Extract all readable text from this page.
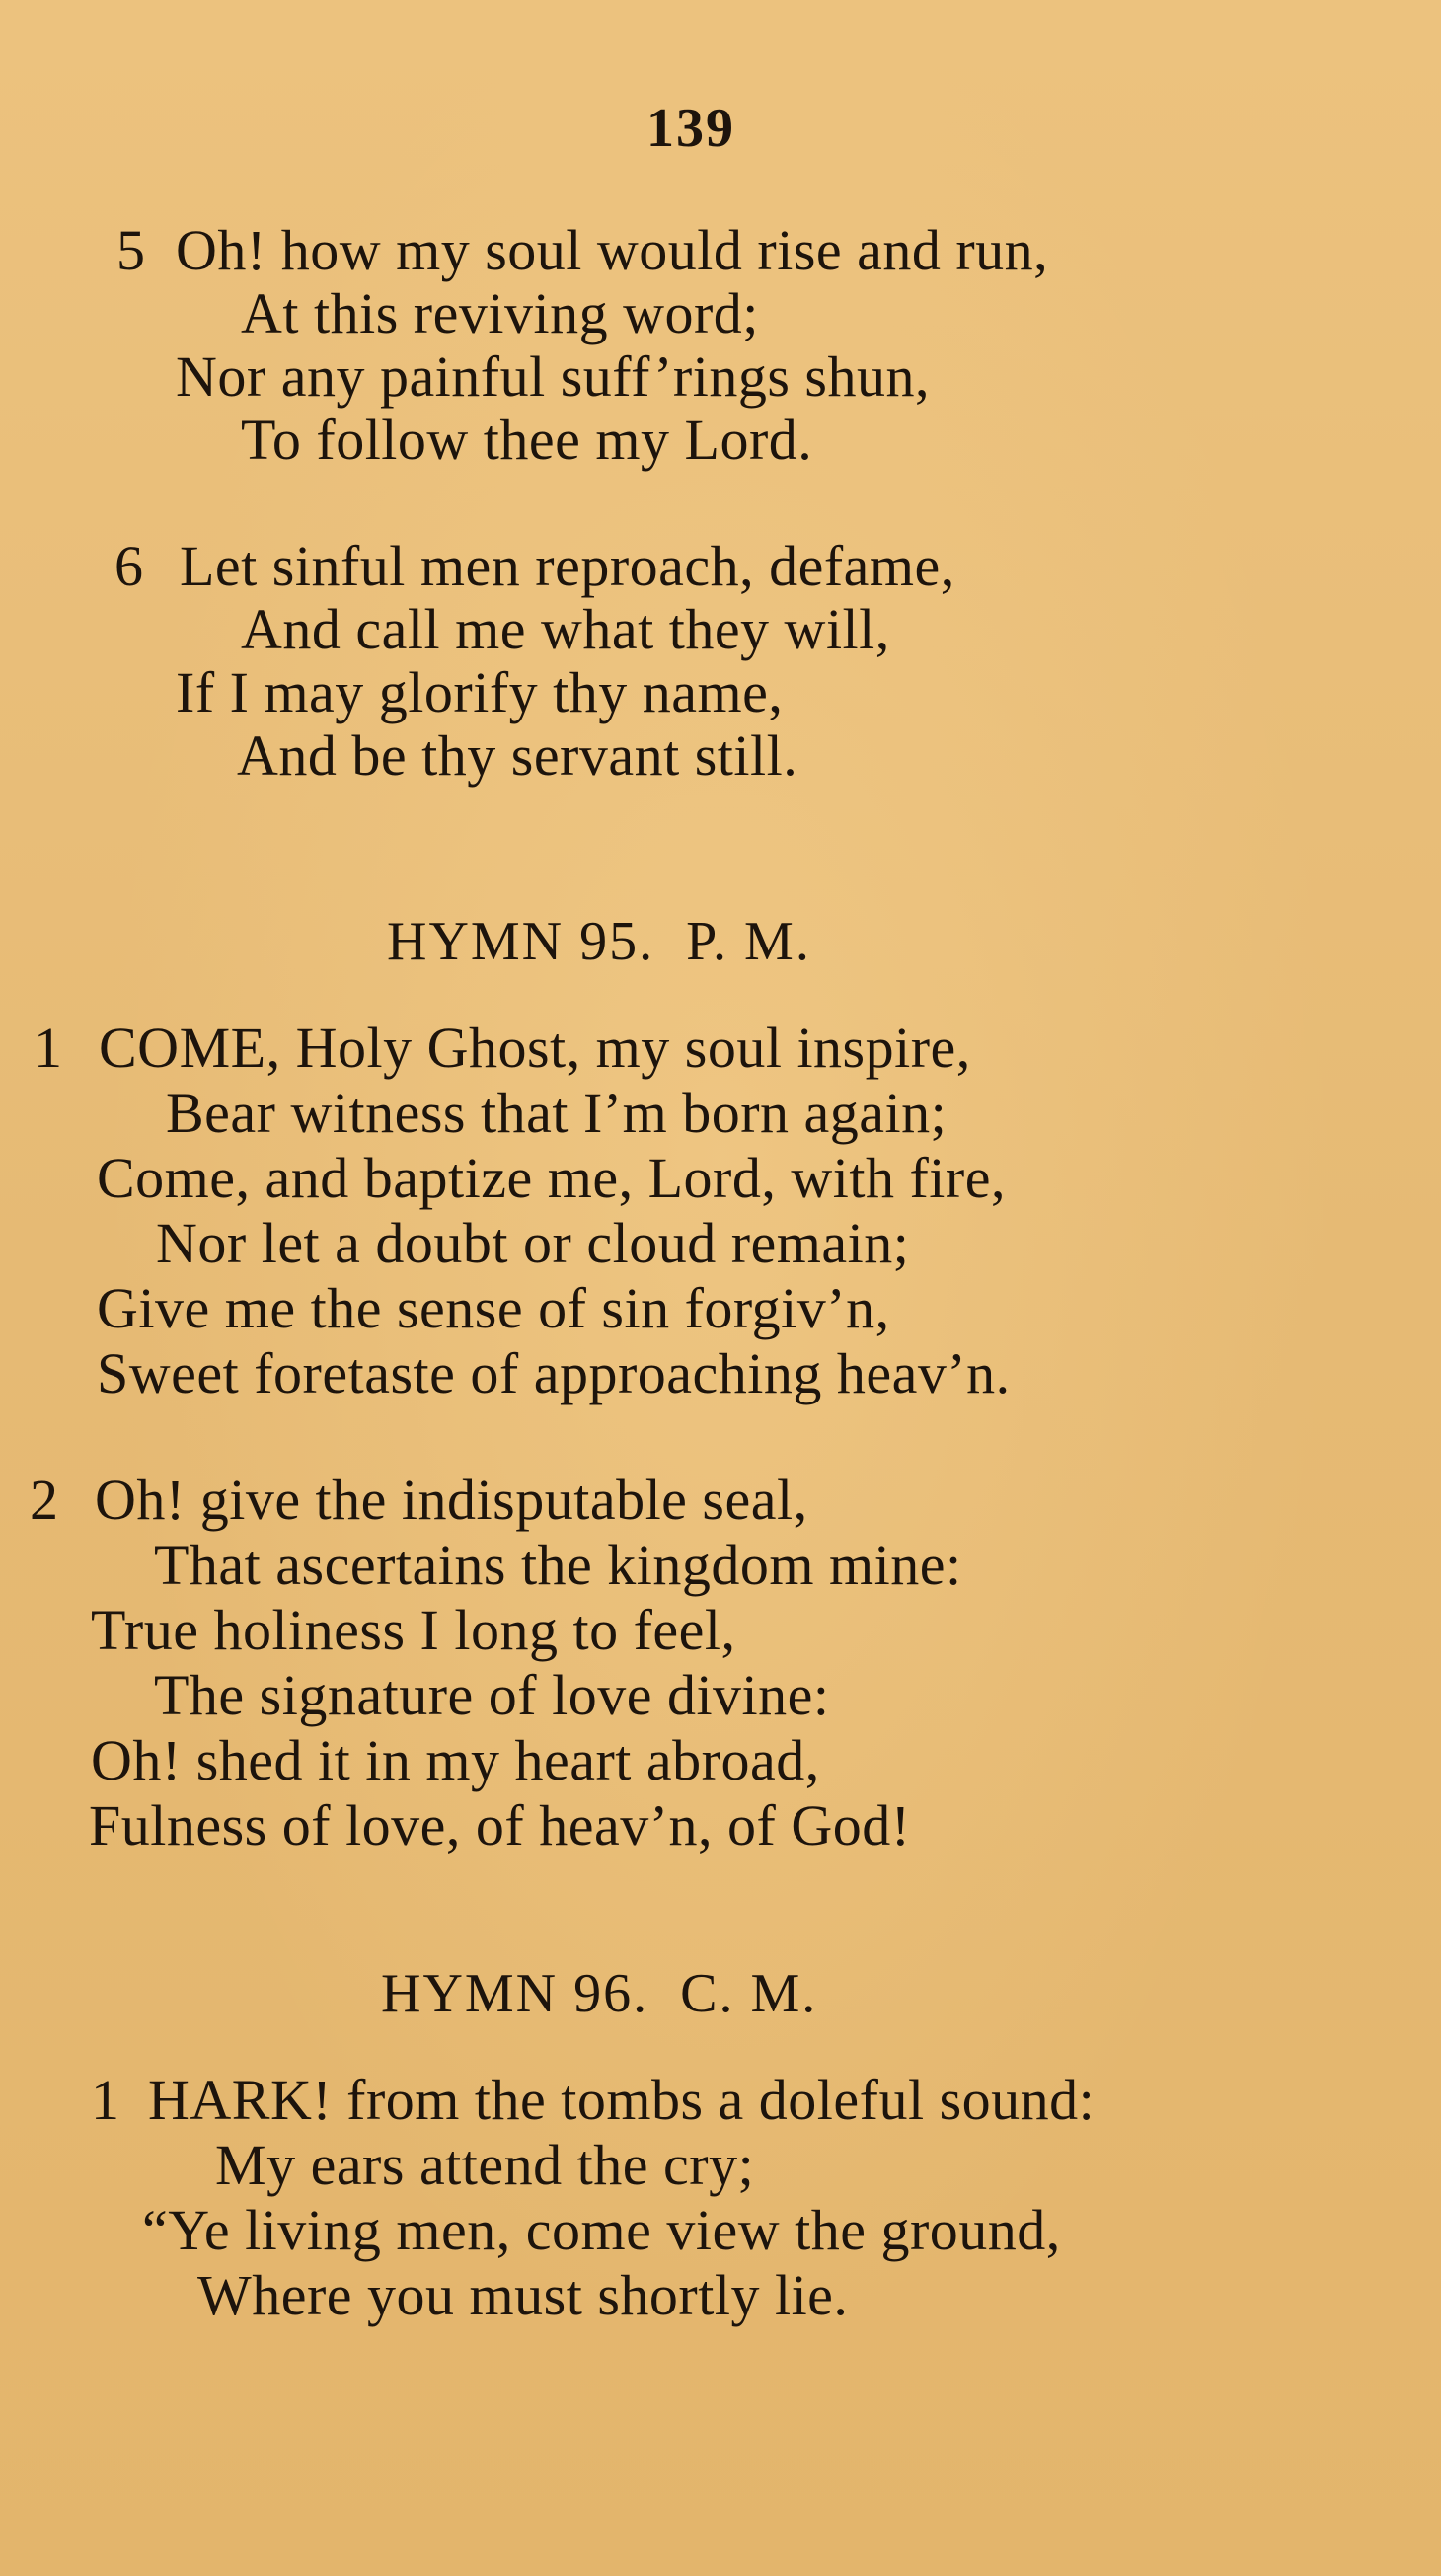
139
5 Oh! how my soul would rise and run,
At this reviving word;
Nor any painful suff’rings shun,
To follow thee my Lord.
6 Let sinful men reproach, defame,
And call me what they will,
If I may glorify thy name,
And be thy servant still.
HYMN 95.  P. M.
1 COME, Holy Ghost, my soul inspire,
Bear witness that I’m born again;
Come, and baptize me, Lord, with fire,
Nor let a doubt or cloud remain;
Give me the sense of sin forgiv’n,
Sweet foretaste of approaching heav’n.
2 Oh! give the indisputable seal,
That ascertains the kingdom mine:
True holiness I long to feel,
The signature of love divine:
Oh! shed it in my heart abroad,
Fulness of love, of heav’n, of God!
HYMN 96.  C. M.
1 HARK! from the tombs a doleful sound:
My ears attend the cry;
“Ye living men, come view the ground,
Where you must shortly lie.
